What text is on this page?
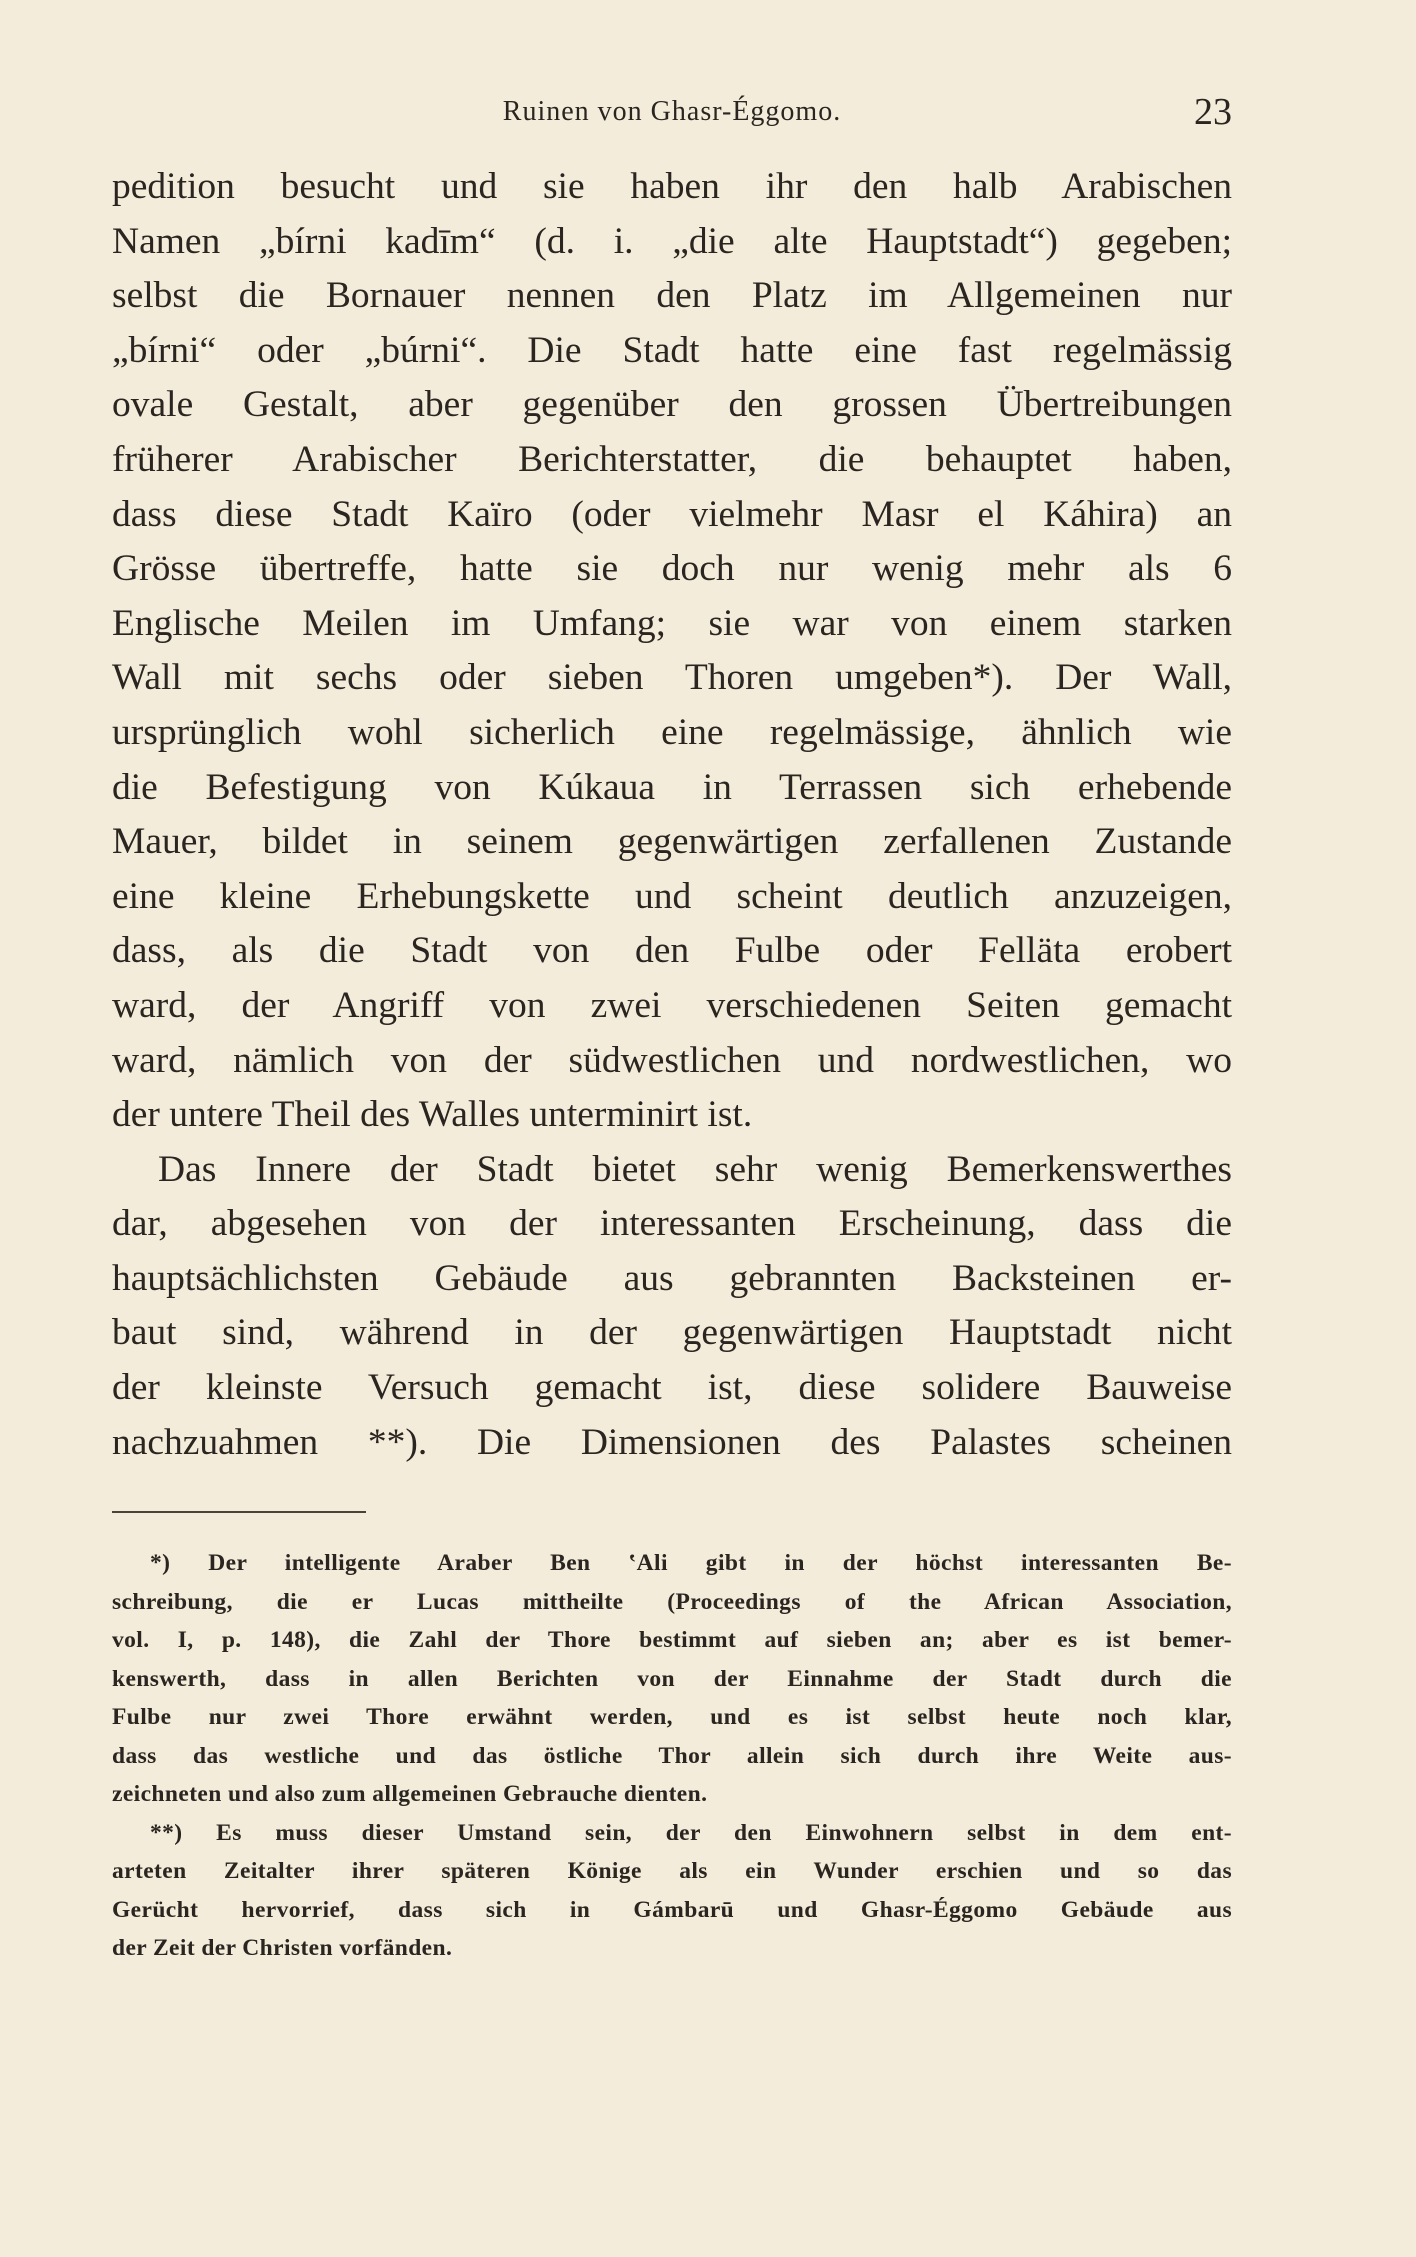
Ruinen von Ghasr-Éggomo.	23
pedition besucht und sie haben ihr den halb Arabischen
Namen „bírni kadīm“ (d. i. „die alte Hauptstadt“) gegeben;
selbst die Bornauer nennen den Platz im Allgemeinen nur
„bírni“ oder „búrni“. Die Stadt hatte eine fast regelmässig
ovale Gestalt, aber gegenüber den grossen Übertreibungen
früherer Arabischer Berichterstatter, die behauptet haben,
dass diese Stadt Kaïro (oder vielmehr Masr el Káhira) an
Grösse übertreffe, hatte sie doch nur wenig mehr als 6
Englische Meilen im Umfang; sie war von einem starken
Wall mit sechs oder sieben Thoren umgeben*). Der Wall,
ursprünglich wohl sicherlich eine regelmässige, ähnlich wie
die Befestigung von Kúkaua in Terrassen sich erhebende
Mauer, bildet in seinem gegenwärtigen zerfallenen Zustande
eine kleine Erhebungskette und scheint deutlich anzuzeigen,
dass, als die Stadt von den Fulbe oder Felläta erobert
ward, der Angriff von zwei verschiedenen Seiten gemacht
ward, nämlich von der südwestlichen und nordwestlichen, wo
der untere Theil des Walles unterminirt ist.
Das Innere der Stadt bietet sehr wenig Bemerkenswerthes
dar, abgesehen von der interessanten Erscheinung, dass die
hauptsächlichsten Gebäude aus gebrannten Backsteinen er-
baut sind, während in der gegenwärtigen Hauptstadt nicht
der kleinste Versuch gemacht ist, diese solidere Bauweise
nachzuahmen **). Die Dimensionen des Palastes scheinen
*) Der intelligente Araber Ben ʽAli gibt in der höchst interessanten Be-
schreibung, die er Lucas mittheilte (Proceedings of the African Association,
vol. I, p. 148), die Zahl der Thore bestimmt auf sieben an; aber es ist bemer-
kenswerth, dass in allen Berichten von der Einnahme der Stadt durch die
Fulbe nur zwei Thore erwähnt werden, und es ist selbst heute noch klar,
dass das westliche und das östliche Thor allein sich durch ihre Weite aus-
zeichneten und also zum allgemeinen Gebrauche dienten.
**) Es muss dieser Umstand sein, der den Einwohnern selbst in dem ent-
arteten Zeitalter ihrer späteren Könige als ein Wunder erschien und so das
Gerücht hervorrief, dass sich in Gámbarū und Ghasr-Éggomo Gebäude aus
der Zeit der Christen vorfänden.
